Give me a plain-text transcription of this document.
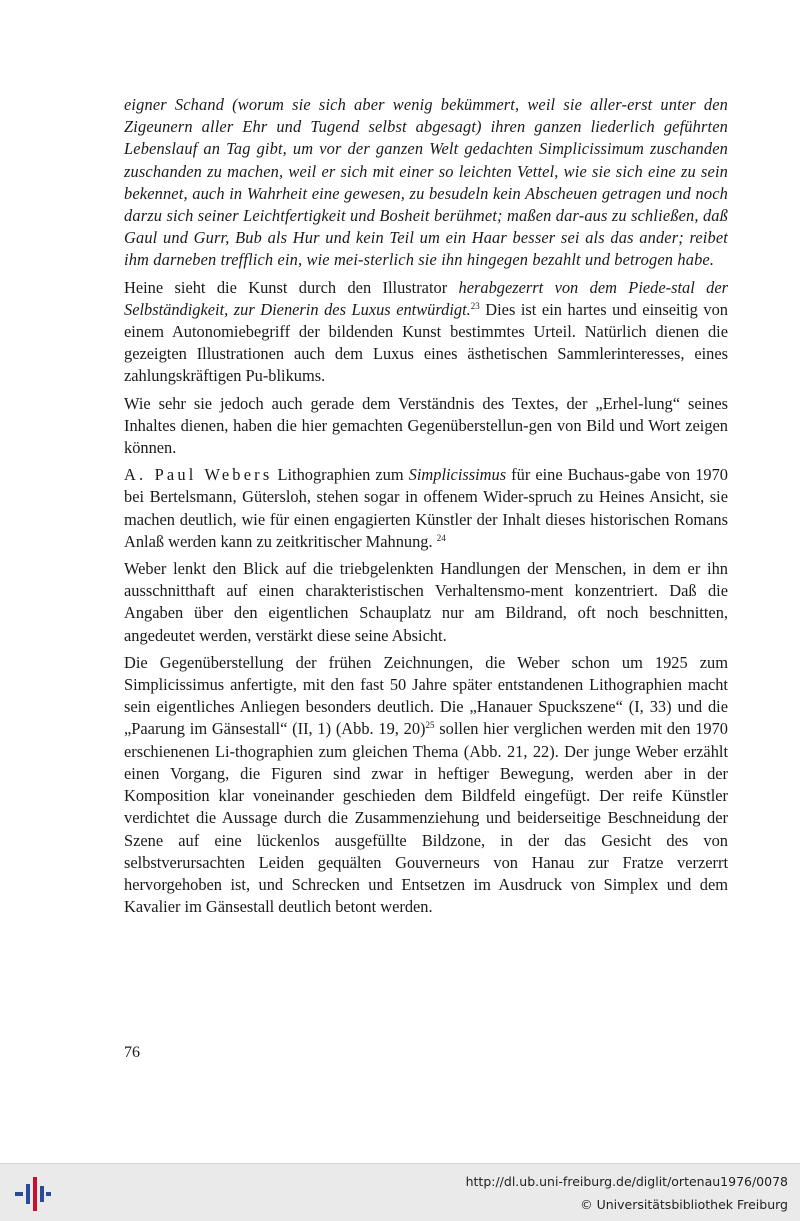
eigner Schand (worum sie sich aber wenig bekümmert, weil sie aller-erst unter den Zigeunern aller Ehr und Tugend selbst abgesagt) ihren ganzen liederlich geführten Lebenslauf an Tag gibt, um vor der ganzen Welt gedachten Simplicissimum zuschanden zuschanden zu machen, weil er sich mit einer so leichten Vettel, wie sie sich eine zu sein bekennet, auch in Wahrheit eine gewesen, zu besudeln kein Abscheuen getragen und noch darzu sich seiner Leichtfertigkeit und Bosheit berühmet; maßen dar-aus zu schließen, daß Gaul und Gurr, Bub als Hur und kein Teil um ein Haar besser sei als das ander; reibet ihm darneben trefflich ein, wie mei-sterlich sie ihn hingegen bezahlt und betrogen habe.

Heine sieht die Kunst durch den Illustrator herabgezerrt von dem Piede-stal der Selbständigkeit, zur Dienerin des Luxus entwürdigt.$^{23}$ Dies ist ein hartes und einseitig von einem Autonomiebegriff der bildenden Kunst bestimmtes Urteil. Natürlich dienen die gezeigten Illustrationen auch dem Luxus eines ästhetischen Sammlerinteresses, eines zahlungskräftigen Pu-blikums.

Wie sehr sie jedoch auch gerade dem Verständnis des Textes, der „Erhel-lung“ seines Inhaltes dienen, haben die hier gemachten Gegenüberstellun-gen von Bild und Wort zeigen können.

A. Paul Webers Lithographien zum Simplicissimus für eine Buchaus-gabe von 1970 bei Bertelsmann, Gütersloh, stehen sogar in offenem Wider-spruch zu Heines Ansicht, sie machen deutlich, wie für einen engagierten Künstler der Inhalt dieses historischen Romans Anlaß werden kann zu zeitkritischer Mahnung. $^{24}$

Weber lenkt den Blick auf die triebgelenkten Handlungen der Menschen, in dem er ihn ausschnitthaft auf einen charakteristischen Verhaltensmo-ment konzentriert. Daß die Angaben über den eigentlichen Schauplatz nur am Bildrand, oft noch beschnitten, angedeutet werden, verstärkt diese seine Absicht.

Die Gegenüberstellung der frühen Zeichnungen, die Weber schon um 1925 zum Simplicissimus anfertigte, mit den fast 50 Jahre später entstandenen Lithographien macht sein eigentliches Anliegen besonders deutlich. Die „Hanauer Spuckszene“ (I, 33) und die „Paarung im Gänsestall“ (II, 1) (Abb. 19, 20)$^{25}$ sollen hier verglichen werden mit den 1970 erschienenen Li-thographien zum gleichen Thema (Abb. 21, 22). Der junge Weber erzählt einen Vorgang, die Figuren sind zwar in heftiger Bewegung, werden aber in der Komposition klar voneinander geschieden dem Bildfeld eingefügt. Der reife Künstler verdichtet die Aussage durch die Zusammenziehung und beiderseitige Beschneidung der Szene auf eine lückenlos ausgefüllte Bildzone, in der das Gesicht des von selbstverursachten Leiden gequälten Gouverneurs von Hanau zur Fratze verzerrt hervorgehoben ist, und Schrecken und Entsetzen im Ausdruck von Simplex und dem Kavalier im Gänsestall deutlich betont werden.

76
http://dl.ub.uni-freiburg.de/diglit/ortenau1976/0078
© Universitätsbibliothek Freiburg
